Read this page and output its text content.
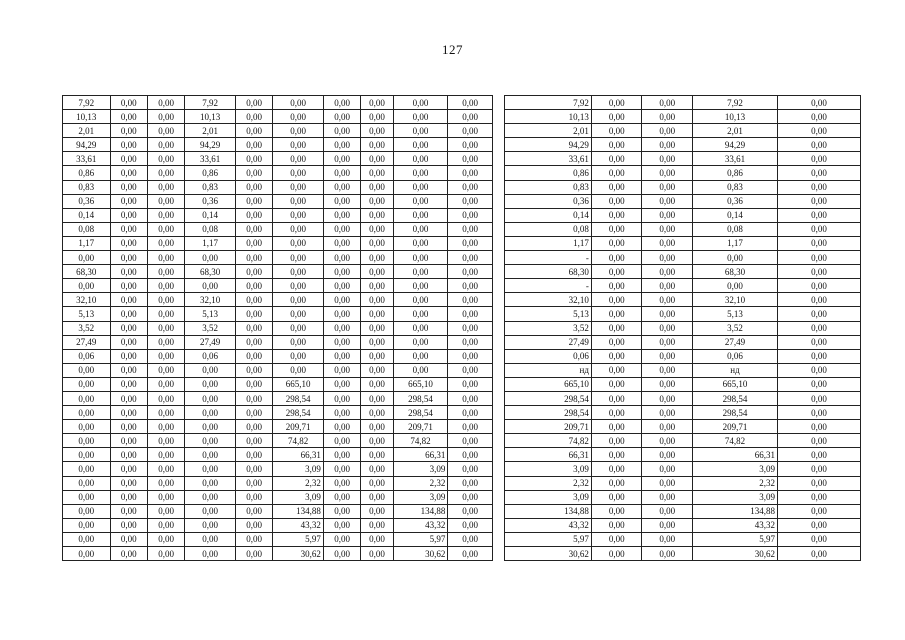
127
7,92	0,00	0,00	7,92	0,00	0,00	0,00	0,00	0,00	0,00		7,92	0,00	0,00	7,92	0,00
10,13	0,00	0,00	10,13	0,00	0,00	0,00	0,00	0,00	0,00		10,13	0,00	0,00	10,13	0,00
2,01	0,00	0,00	2,01	0,00	0,00	0,00	0,00	0,00	0,00		2,01	0,00	0,00	2,01	0,00
94,29	0,00	0,00	94,29	0,00	0,00	0,00	0,00	0,00	0,00		94,29	0,00	0,00	94,29	0,00
33,61	0,00	0,00	33,61	0,00	0,00	0,00	0,00	0,00	0,00		33,61	0,00	0,00	33,61	0,00
0,86	0,00	0,00	0,86	0,00	0,00	0,00	0,00	0,00	0,00		0,86	0,00	0,00	0,86	0,00
0,83	0,00	0,00	0,83	0,00	0,00	0,00	0,00	0,00	0,00		0,83	0,00	0,00	0,83	0,00
0,36	0,00	0,00	0,36	0,00	0,00	0,00	0,00	0,00	0,00		0,36	0,00	0,00	0,36	0,00
0,14	0,00	0,00	0,14	0,00	0,00	0,00	0,00	0,00	0,00		0,14	0,00	0,00	0,14	0,00
0,08	0,00	0,00	0,08	0,00	0,00	0,00	0,00	0,00	0,00		0,08	0,00	0,00	0,08	0,00
1,17	0,00	0,00	1,17	0,00	0,00	0,00	0,00	0,00	0,00		1,17	0,00	0,00	1,17	0,00
0,00	0,00	0,00	0,00	0,00	0,00	0,00	0,00	0,00	0,00		-	0,00	0,00	0,00	0,00
68,30	0,00	0,00	68,30	0,00	0,00	0,00	0,00	0,00	0,00		68,30	0,00	0,00	68,30	0,00
0,00	0,00	0,00	0,00	0,00	0,00	0,00	0,00	0,00	0,00		-	0,00	0,00	0,00	0,00
32,10	0,00	0,00	32,10	0,00	0,00	0,00	0,00	0,00	0,00		32,10	0,00	0,00	32,10	0,00
5,13	0,00	0,00	5,13	0,00	0,00	0,00	0,00	0,00	0,00		5,13	0,00	0,00	5,13	0,00
3,52	0,00	0,00	3,52	0,00	0,00	0,00	0,00	0,00	0,00		3,52	0,00	0,00	3,52	0,00
27,49	0,00	0,00	27,49	0,00	0,00	0,00	0,00	0,00	0,00		27,49	0,00	0,00	27,49	0,00
0,06	0,00	0,00	0,06	0,00	0,00	0,00	0,00	0,00	0,00		0,06	0,00	0,00	0,06	0,00
0,00	0,00	0,00	0,00	0,00	0,00	0,00	0,00	0,00	0,00		нд	0,00	0,00	нд	0,00
0,00	0,00	0,00	0,00	0,00	665,10	0,00	0,00	665,10	0,00		665,10	0,00	0,00	665,10	0,00
0,00	0,00	0,00	0,00	0,00	298,54	0,00	0,00	298,54	0,00		298,54	0,00	0,00	298,54	0,00
0,00	0,00	0,00	0,00	0,00	298,54	0,00	0,00	298,54	0,00		298,54	0,00	0,00	298,54	0,00
0,00	0,00	0,00	0,00	0,00	209,71	0,00	0,00	209,71	0,00		209,71	0,00	0,00	209,71	0,00
0,00	0,00	0,00	0,00	0,00	74,82	0,00	0,00	74,82	0,00		74,82	0,00	0,00	74,82	0,00
0,00	0,00	0,00	0,00	0,00	66,31	0,00	0,00	66,31	0,00		66,31	0,00	0,00	66,31	0,00
0,00	0,00	0,00	0,00	0,00	3,09	0,00	0,00	3,09	0,00		3,09	0,00	0,00	3,09	0,00
0,00	0,00	0,00	0,00	0,00	2,32	0,00	0,00	2,32	0,00		2,32	0,00	0,00	2,32	0,00
0,00	0,00	0,00	0,00	0,00	3,09	0,00	0,00	3,09	0,00		3,09	0,00	0,00	3,09	0,00
0,00	0,00	0,00	0,00	0,00	134,88	0,00	0,00	134,88	0,00		134,88	0,00	0,00	134,88	0,00
0,00	0,00	0,00	0,00	0,00	43,32	0,00	0,00	43,32	0,00		43,32	0,00	0,00	43,32	0,00
0,00	0,00	0,00	0,00	0,00	5,97	0,00	0,00	5,97	0,00		5,97	0,00	0,00	5,97	0,00
0,00	0,00	0,00	0,00	0,00	30,62	0,00	0,00	30,62	0,00		30,62	0,00	0,00	30,62	0,00
